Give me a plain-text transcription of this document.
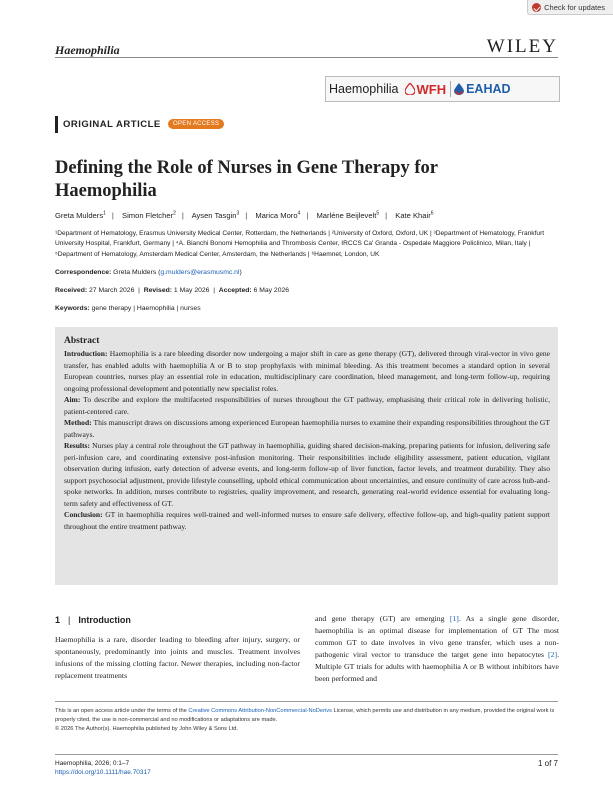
Check for updates
Haemophilia	WILEY
Haemophilia WFH EAHAD
ORIGINAL ARTICLE	OPEN ACCESS
Defining the Role of Nurses in Gene Therapy for Haemophilia
Greta Mulders$^1$ | Simon Fletcher$^2$ | Aysen Tasgin$^3$ | Marica Moro$^4$ | Marléne Beijlevelt$^5$ | Kate Khair$^6$
¹Department of Hematology, Erasmus University Medical Center, Rotterdam, the Netherlands | ²University of Oxford, Oxford, UK | ³Department of Hematology, Frankfurt University Hospital, Frankfurt, Germany | ⁴A. Bianchi Bonomi Hemophilia and Thrombosis Center, IRCCS Ca' Granda - Ospedale Maggiore Policlinico, Milan, Italy | ⁵Department of Hematology, Amsterdam Medical Center, Amsterdam, the Netherlands | ⁶Haemnet, London, UK
Correspondence: Greta Mulders (g.mulders@erasmusmc.nl)
Received: 27 March 2026  |  Revised: 1 May 2026  |  Accepted: 6 May 2026
Keywords: gene therapy | Haemophilia | nurses
Abstract

Introduction: Haemophilia is a rare bleeding disorder now undergoing a major shift in care as gene therapy (GT), delivered through viral-vector in vivo gene transfer, has enabled adults with haemophilia A or B to stop prophylaxis with minimal bleeding. As this treatment becomes a standard option in several European countries, nurses play an essential role in education, multidisciplinary care coordination, bleed management, and long-term follow-up, requiring ongoing professional development and potentially new specialist roles.

Aim: To describe and explore the multifaceted responsibilities of nurses throughout the GT pathway, emphasising their critical role in delivering holistic, patient-centered care.

Method: This manuscript draws on discussions among experienced European haemophilia nurses to examine their expanding responsibilities throughout the GT pathways.

Results: Nurses play a central role throughout the GT pathway in haemophilia, guiding shared decision-making, preparing patients for infusion, delivering safe peri-infusion care, and coordinating extensive post-infusion monitoring. Their responsibilities include eligibility assessment, patient education, vigilant observation during infusion, early detection of adverse events, and long-term follow-up of liver function, factor levels, and treatment durability. They also support psychosocial adjustment, provide lifestyle counselling, uphold ethical communication about uncertainties, and ensure continuity of care across hub-and-spoke networks. In addition, nurses contribute to registries, quality improvement, and research, generating real-world evidence essential for evaluating long-term safety and effectiveness of GT.

Conclusion: GT in haemophilia requires well-trained and well-informed nurses to ensure safe delivery, effective follow-up, and high-quality patient support throughout the entire treatment pathway.

1 | Introduction
Haemophilia is a rare, disorder leading to bleeding after injury, surgery, or spontaneously, predominantly into joints and muscles. Treatment involves infusions of the missing clotting factor. Newer therapies, including non-factor replacement treatments
and gene therapy (GT) are emerging [1]. As a single gene disorder, haemophilia is an optimal disease for implementation of GT The most common GT to date involves in vivo gene transfer, which uses a non-pathogenic viral vector to transduce the target gene into hepatocytes [2]. Multiple GT trials for adults with haemophilia A or B without inhibitors have been performed and
This is an open access article under the terms of the Creative Commons Attribution-NonCommercial-NoDerivs License, which permits use and distribution in any medium, provided the original work is properly cited, the use is non-commercial and no modifications or adaptations are made.
© 2026 The Author(s). Haemophilia published by John Wiley & Sons Ltd.
Haemophilia, 2026; 0:1–7
https://doi.org/10.1111/hae.70317
1 of 7
